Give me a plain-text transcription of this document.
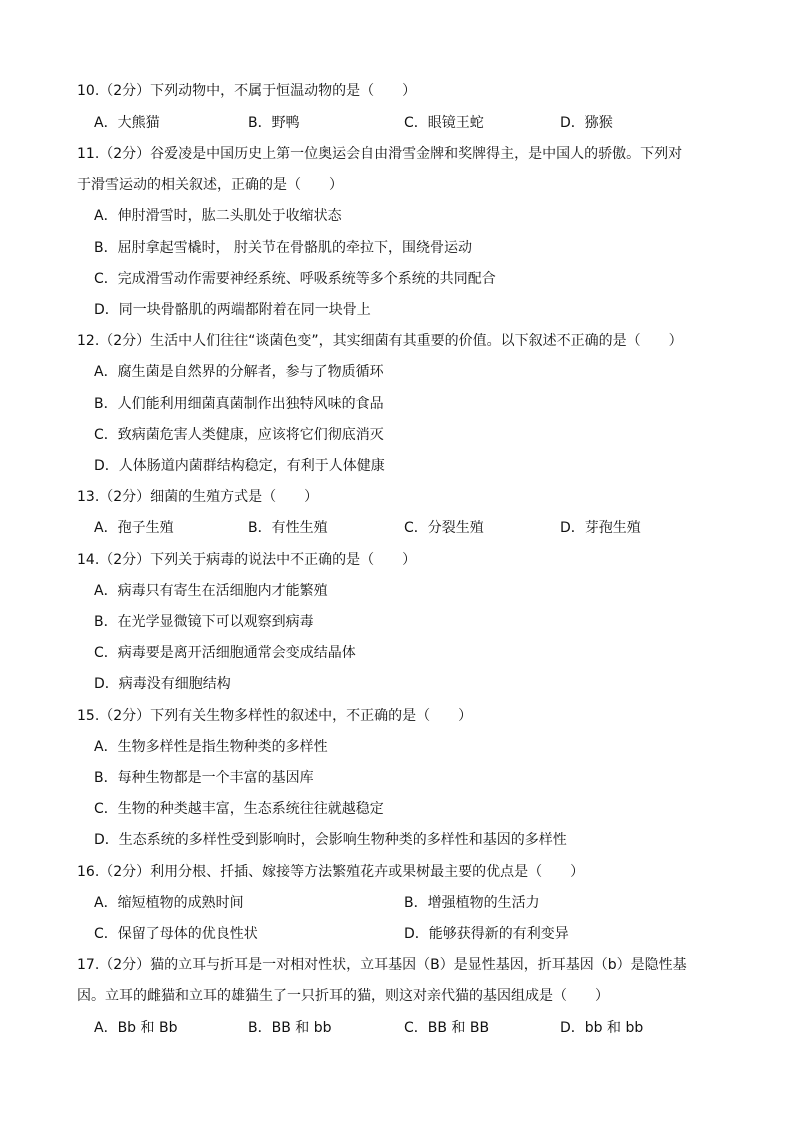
10.（2分）下列动物中，不属于恒温动物的是（　　）
A．大熊猫	B．野鸭	C．眼镜王蛇	D．猕猴
11.（2分）谷爱凌是中国历史上第一位奥运会自由滑雪金牌和奖牌得主，是中国人的骄傲。下列对
于滑雪运动的相关叙述，正确的是（　　）
A．伸肘滑雪时，肱二头肌处于收缩状态
B．屈肘拿起雪橇时， 肘关节在骨骼肌的牵拉下，围绕骨运动
C．完成滑雪动作需要神经系统、呼吸系统等多个系统的共同配合
D．同一块骨骼肌的两端都附着在同一块骨上
12.（2分）生活中人们往往“谈菌色变”，其实细菌有其重要的价值。以下叙述不正确的是（　　）
A．腐生菌是自然界的分解者，参与了物质循环
B．人们能利用细菌真菌制作出独特风味的食品
C．致病菌危害人类健康，应该将它们彻底消灭
D．人体肠道内菌群结构稳定，有利于人体健康
13.（2分）细菌的生殖方式是（　　）
A．孢子生殖	B．有性生殖	C．分裂生殖	D．芽孢生殖
14.（2分）下列关于病毒的说法中不正确的是（　　）
A．病毒只有寄生在活细胞内才能繁殖
B．在光学显微镜下可以观察到病毒
C．病毒要是离开活细胞通常会变成结晶体
D．病毒没有细胞结构
15.（2分）下列有关生物多样性的叙述中，不正确的是（　　）
A．生物多样性是指生物种类的多样性
B．每种生物都是一个丰富的基因库
C．生物的种类越丰富，生态系统往往就越稳定
D．生态系统的多样性受到影响时，会影响生物种类的多样性和基因的多样性
16.（2分）利用分根、扦插、嫁接等方法繁殖花卉或果树最主要的优点是（　　）
A．缩短植物的成熟时间	B．增强植物的生活力
C．保留了母体的优良性状	D．能够获得新的有利变异
17.（2分）猫的立耳与折耳是一对相对性状，立耳基因（B）是显性基因，折耳基因（b）是隐性基
因。立耳的雌猫和立耳的雄猫生了一只折耳的猫，则这对亲代猫的基因组成是（　　）
A．Bb 和 Bb	B．BB 和 bb	C．BB 和 BB	D．bb 和 bb
